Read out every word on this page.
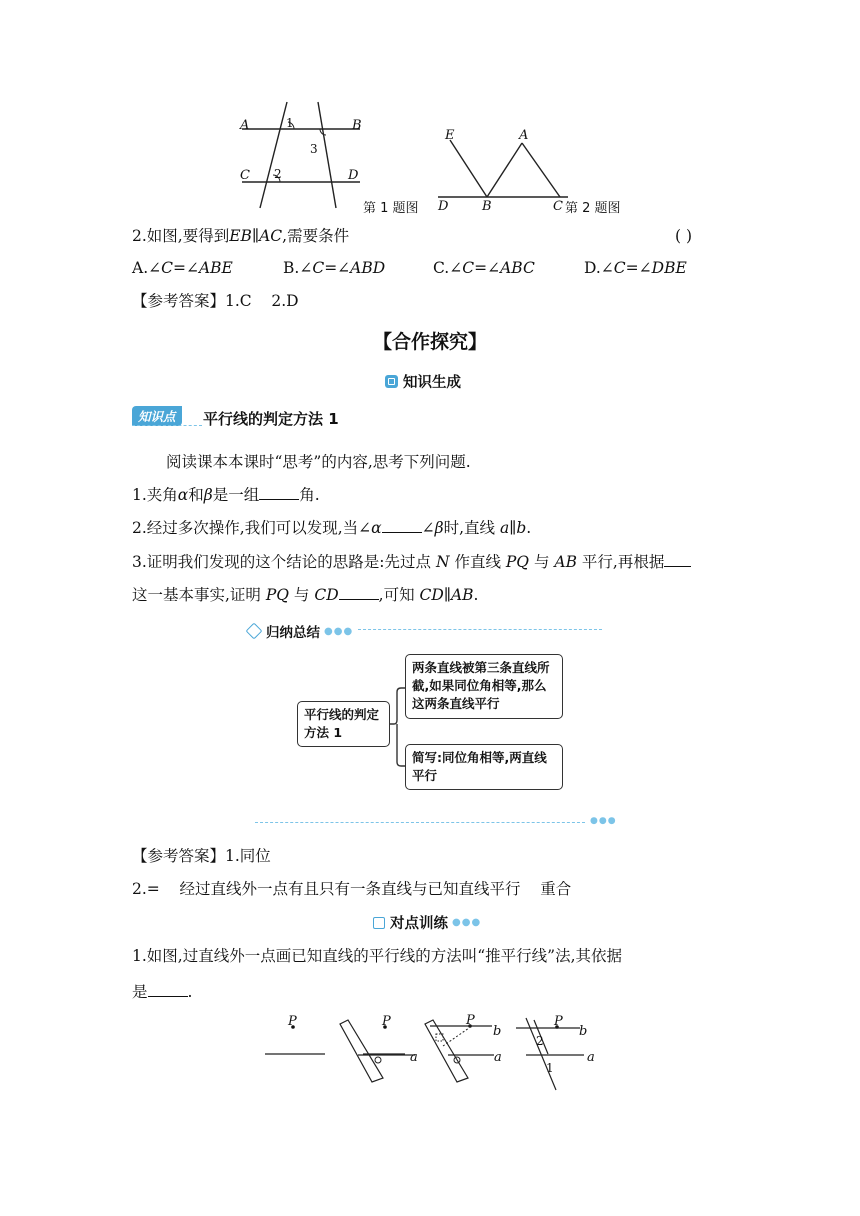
A	B
C	D
1
2
3
第 1 题图
E	A
D	B	C 第 2 题图
2.如图,要得到EB∥AC,需要条件	( )
A.∠C=∠ABE	B.∠C=∠ABD	C.∠C=∠ABC	D.∠C=∠DBE
【参考答案】1.C    2.D
【合作探究】
知识生成
知识点	平行线的判定方法 1
阅读课本本课时“思考”的内容,思考下列问题.
1.夹角α和β是一组	角.
2.经过多次操作,我们可以发现,当∠α	∠β时,直线 a∥b.
3.证明我们发现的这个结论的思路是:先过点 N 作直线 PQ 与 AB 平行,再根据
这一基本事实,证明 PQ 与 CD	,可知 CD∥AB.
归纳总结 ●●●
●●●
平行线的判定方法 1
两条直线被第三条直线所截,如果同位角相等,那么这两条直线平行
简写:同位角相等,两直线平行
【参考答案】1.同位
2.=    经过直线外一点有且只有一条直线与已知直线平行    重合
对点训练 ●●●
1.如图,过直线外一点画已知直线的平行线的方法叫“推平行线”法,其依据
是	.
P	P
a
P
b
a
P
b
a
2
1
